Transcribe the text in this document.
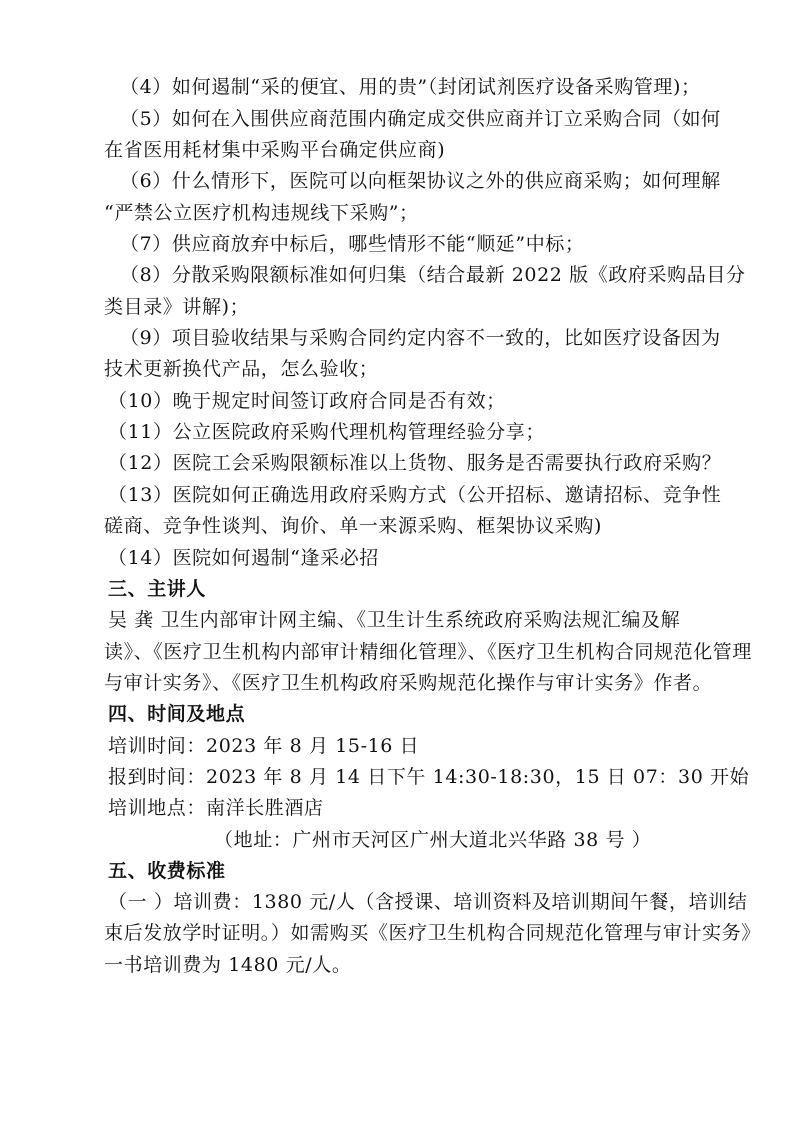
（4）如何遏制“采的便宜、用的贵”（封闭试剂医疗设备采购管理)；
（5）如何在入围供应商范围内确定成交供应商并订立采购合同（如何
在省医用耗材集中采购平台确定供应商)
（6）什么情形下，医院可以向框架协议之外的供应商采购；如何理解
“严禁公立医疗机构违规线下采购”；
（7）供应商放弃中标后，哪些情形不能“顺延”中标；
（8）分散采购限额标准如何归集（结合最新 2022 版《政府采购品目分
类目录》讲解)；
（9）项目验收结果与采购合同约定内容不一致的，比如医疗设备因为
技术更新换代产品，怎么验收；
（10）晚于规定时间签订政府合同是否有效；
（11）公立医院政府采购代理机构管理经验分享；
（12）医院工会采购限额标准以上货物、服务是否需要执行政府采购？
（13）医院如何正确选用政府采购方式（公开招标、邀请招标、竞争性
磋商、竞争性谈判、询价、单一来源采购、框架协议采购)
（14）医院如何遏制“逢采必招
三、主讲人
吴 龚 卫生内部审计网主编、《卫生计生系统政府采购法规汇编及解
读》、《医疗卫生机构内部审计精细化管理》、《医疗卫生机构合同规范化管理
与审计实务》、《医疗卫生机构政府采购规范化操作与审计实务》作者。
四、时间及地点
培训时间：2023 年 8 月 15-16 日
报到时间：2023 年 8 月 14 日下午 14:30-18:30，15 日 07：30 开始
培训地点：南洋长胜酒店
（地址：广州市天河区广州大道北兴华路 38 号 ）
五、收费标准
（一 ）培训费：1380 元/人（含授课、培训资料及培训期间午餐，培训结
束后发放学时证明。）如需购买《医疗卫生机构合同规范化管理与审计实务》
一书培训费为 1480 元/人。
